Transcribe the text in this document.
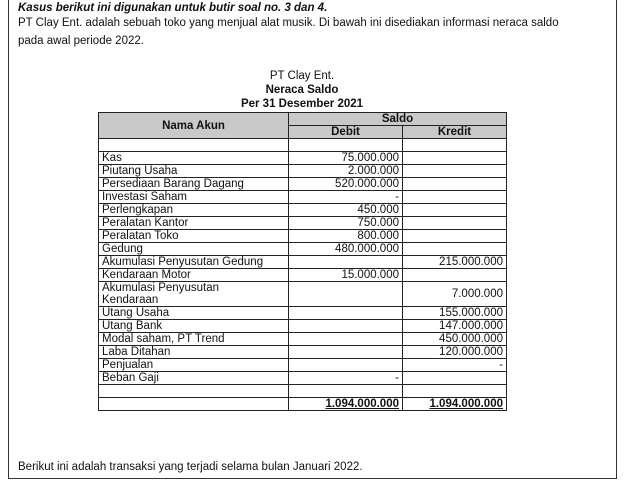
Kasus berikut ini digunakan untuk butir soal no. 3 dan 4.
PT Clay Ent. adalah sebuah toko yang menjual alat musik. Di bawah ini disediakan informasi neraca saldo
pada awal periode 2022.
PT Clay Ent.
Neraca Saldo
Per 31 Desember 2021
Nama Akun	Saldo	
	Debit	Kredit

Kas	75.000.000	
Piutang Usaha	2.000.000	
Persediaan Barang Dagang	520.000.000	
Investasi Saham	-	
Perlengkapan	450.000	
Peralatan Kantor	750.000	
Peralatan Toko	800.000	
Gedung	480.000.000	
Akumulasi Penyusutan Gedung		215.000.000
Kendaraan Motor	15.000.000	
Akumulasi Penyusutan Kendaraan		7.000.000
Utang Usaha		155.000.000
Utang Bank		147.000.000
Modal saham, PT Trend		450.000.000
Laba Ditahan		120.000.000
Penjualan		-
Beban Gaji	-	

	1.094.000.000	1.094.000.000
Berikut ini adalah transaksi yang terjadi selama bulan Januari 2022.
